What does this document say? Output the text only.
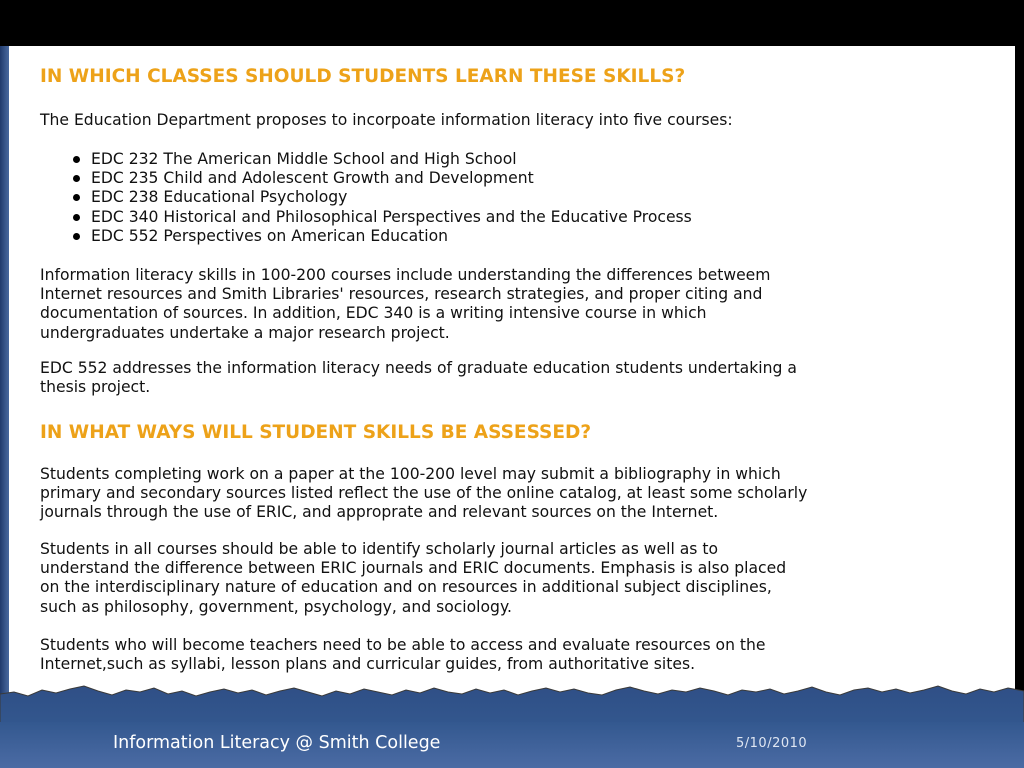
IN WHICH CLASSES SHOULD STUDENTS LEARN THESE SKILLS?

The Education Department proposes to incorpoate information literacy into five courses:

EDC 232 The American Middle School and High School
EDC 235 Child and Adolescent Growth and Development
EDC 238 Educational Psychology
EDC 340 Historical and Philosophical Perspectives and the Educative Process
EDC 552 Perspectives on American Education

Information literacy skills in 100-200 courses include understanding the differences betweem
Internet resources and Smith Libraries' resources, research strategies, and proper citing and
documentation of sources. In addition, EDC 340 is a writing intensive course in which
undergraduates undertake a major research project.

EDC 552 addresses the information literacy needs of graduate education students undertaking a
thesis project.

IN WHAT WAYS WILL STUDENT SKILLS BE ASSESSED?

Students completing work on a paper at the 100-200 level may submit a bibliography in which
primary and secondary sources listed reflect the use of the online catalog, at least some scholarly
journals through the use of ERIC, and approprate and relevant sources on the Internet.

Students in all courses should be able to identify scholarly journal articles as well as to
understand the difference between ERIC journals and ERIC documents. Emphasis is also placed
on the interdisciplinary nature of education and on resources in additional subject disciplines,
such as philosophy, government, psychology, and sociology.

Students who will become teachers need to be able to access and evaluate resources on the
Internet,such as syllabi, lesson plans and curricular guides, from authoritative sites.

Information Literacy @ Smith College	5/10/2010
